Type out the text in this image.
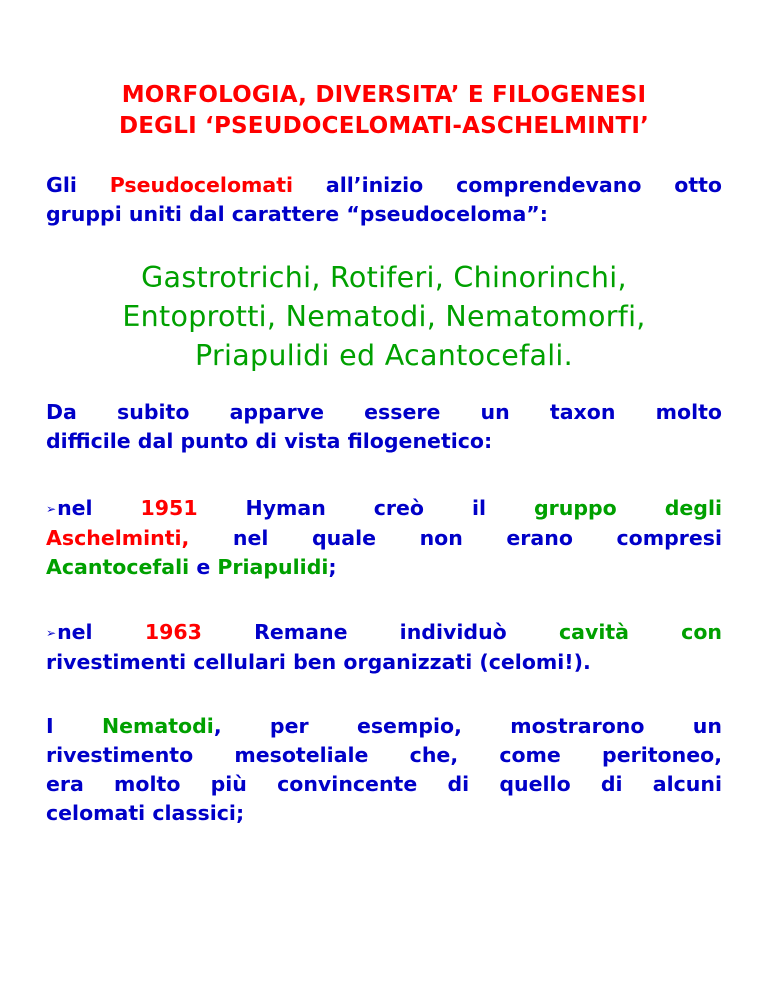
MORFOLOGIA, DIVERSITA’ E FILOGENESI
DEGLI ‘PSEUDOCELOMATI-ASCHELMINTI’
Gli Pseudocelomati all’inizio comprendevano otto
gruppi uniti dal carattere “pseudoceloma”:
Gastrotrichi, Rotiferi, Chinorinchi,
Entoprotti, Nematodi, Nematomorfi,
Priapulidi ed Acantocefali.
Da subito apparve essere un taxon molto
difficile dal punto di vista filogenetico:
➢nel 1951 Hyman creò il gruppo degli
Aschelminti, nel quale non erano compresi
Acantocefali e Priapulidi;
➢nel	1963	Remane individuò	cavità con
rivestimenti cellulari ben organizzati (celomi!).
I Nematodi, per esempio, mostrarono un
rivestimento mesoteliale che, come peritoneo,
era molto più convincente di quello di alcuni
celomati classici;
